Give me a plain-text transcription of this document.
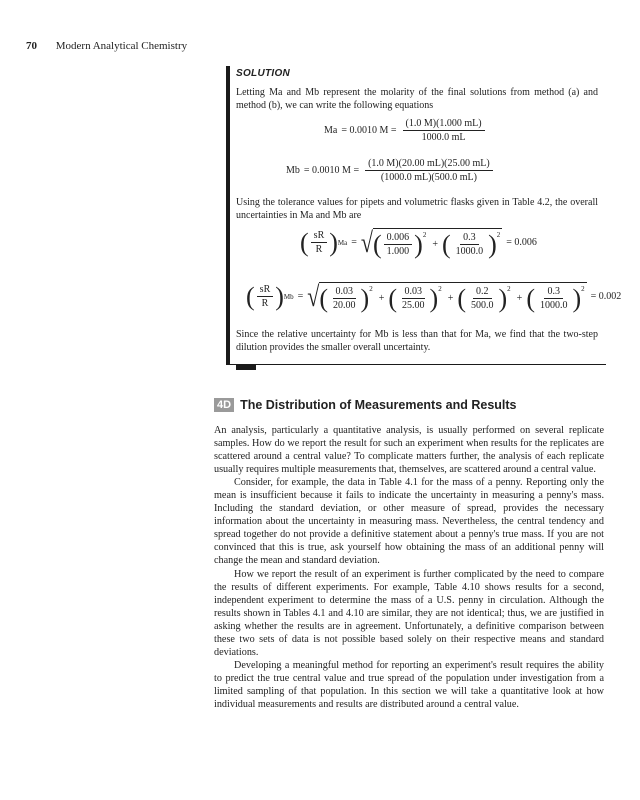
70 Modern Analytical Chemistry
SOLUTION

Letting Ma and Mb represent the molarity of the final solutions from method (a) and method (b), we can write the following equations

Ma = 0.0010 $M = \frac{(1.0 M)(1.000 mL)}{1000.0 mL}$
Mb = 0.0010 $M = \frac{(1.0 M)(20.00 mL)(25.00 mL)}{(1000.0 mL)(500.0 mL)}$

Using the tolerance values for pipets and volumetric flasks given in Table 4.2, the overall uncertainties in Ma and Mb are

( $\frac{sR}{R}$ ) Ma = √ ( $\frac{0.006}{1.000}$ ) 2
+ ( $\frac{0.3}{1000.0}$ ) 2
= 0.006
( $\frac{sR}{R}$ ) Mb = √ ( $\frac{0.03}{20.00}$ ) 2
+ ( $\frac{0.03}{25.00}$ ) 2
+ ( $\frac{0.2}{500.0}$ ) 2
+ ( $\frac{0.3}{1000.0}$ ) 2
= 0.002

Since the relative uncertainty for Mb is less than that for Ma, we find that the two-step dilution provides the smaller overall uncertainty.

4D The Distribution of Measurements and Results

An analysis, particularly a quantitative analysis, is usually performed on several replicate samples. How do we report the result for such an experiment when results for the replicates are scattered around a central value? To complicate matters further, the analysis of each replicate usually requires multiple measurements that, themselves, are scattered around a central value.

Consider, for example, the data in Table 4.1 for the mass of a penny. Reporting only the mean is insufficient because it fails to indicate the uncertainty in measuring a penny's mass. Including the standard deviation, or other measure of spread, provides the necessary information about the uncertainty in measuring mass. Nevertheless, the central tendency and spread together do not provide a definitive statement about a penny's true mass. If you are not convinced that this is true, ask yourself how obtaining the mass of an additional penny will change the mean and standard deviation.

How we report the result of an experiment is further complicated by the need to compare the results of different experiments. For example, Table 4.10 shows results for a second, independent experiment to determine the mass of a U.S. penny in circulation. Although the results shown in Tables 4.1 and 4.10 are similar, they are not identical; thus, we are justified in asking whether the results are in agreement. Unfortunately, a definitive comparison between these two sets of data is not possible based solely on their respective means and standard deviations.

Developing a meaningful method for reporting an experiment's result requires the ability to predict the true central value and true spread of the population under investigation from a limited sampling of that population. In this section we will take a quantitative look at how individual measurements and results are distributed around a central value.
